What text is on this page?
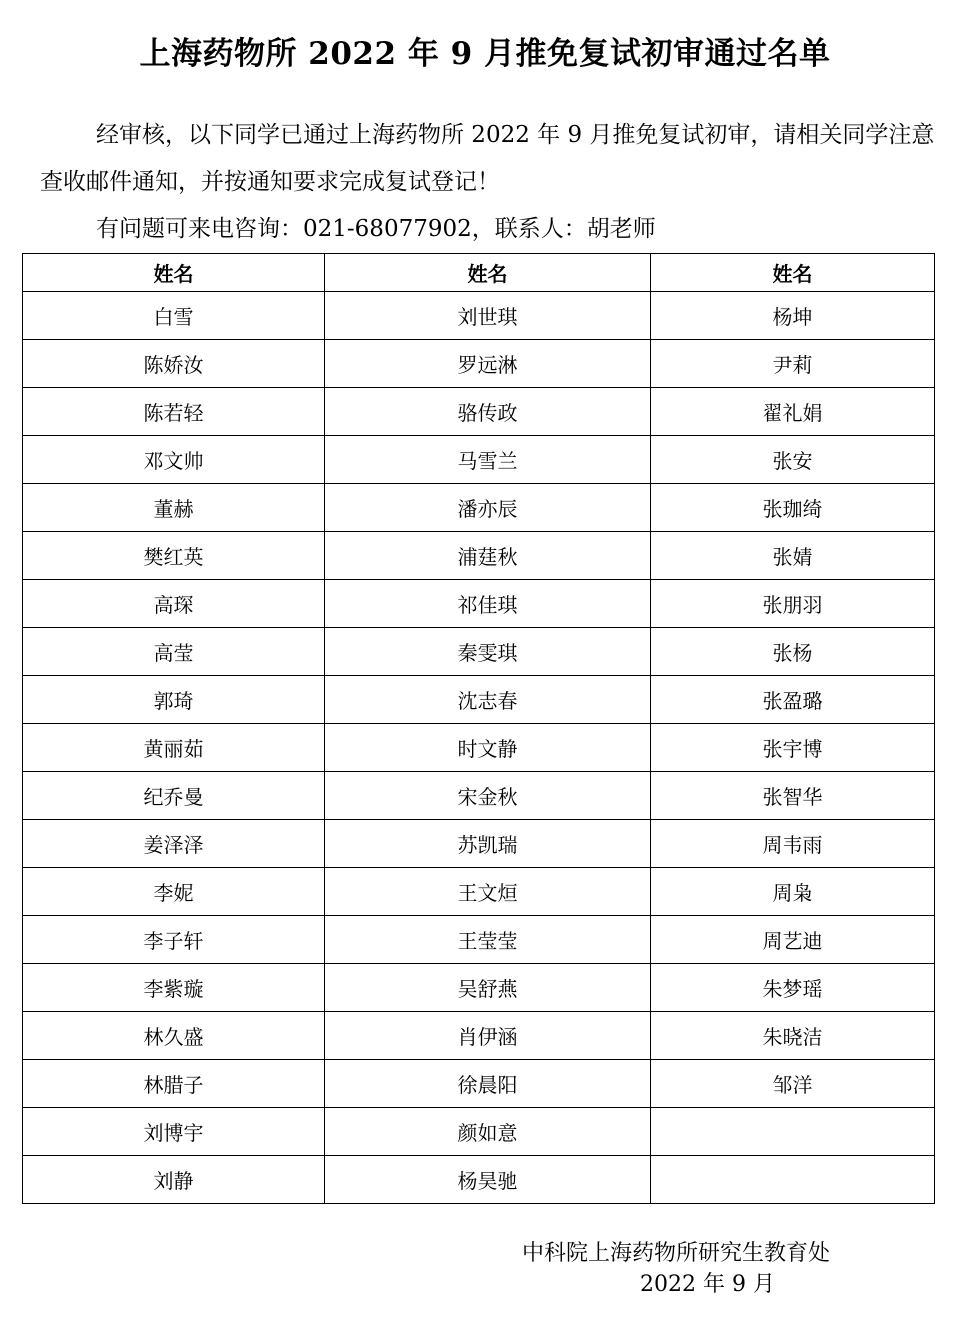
上海药物所 2022 年 9 月推免复试初审通过名单
经审核，以下同学已通过上海药物所 2022 年 9 月推免复试初审，请相关同学注意查收邮件通知，并按通知要求完成复试登记！
有问题可来电咨询：021-68077902，联系人：胡老师
姓名	姓名	姓名
白雪	刘世琪	杨坤
陈娇汝	罗远淋	尹莉
陈若轻	骆传政	翟礼娟
邓文帅	马雪兰	张安
董赫	潘亦辰	张珈绮
樊红英	浦莛秋	张婧
高琛	祁佳琪	张朋羽
高莹	秦雯琪	张杨
郭琦	沈志春	张盈璐
黄丽茹	时文静	张宇博
纪乔曼	宋金秋	张智华
姜泽泽	苏凯瑞	周韦雨
李妮	王文烜	周枭
李子轩	王莹莹	周艺迪
李紫璇	吴舒燕	朱梦瑶
林久盛	肖伊涵	朱晓洁
林腊子	徐晨阳	邹洋
刘博宇	颜如意	
刘静	杨昊驰	
中科院上海药物所研究生教育处
2022 年 9 月
